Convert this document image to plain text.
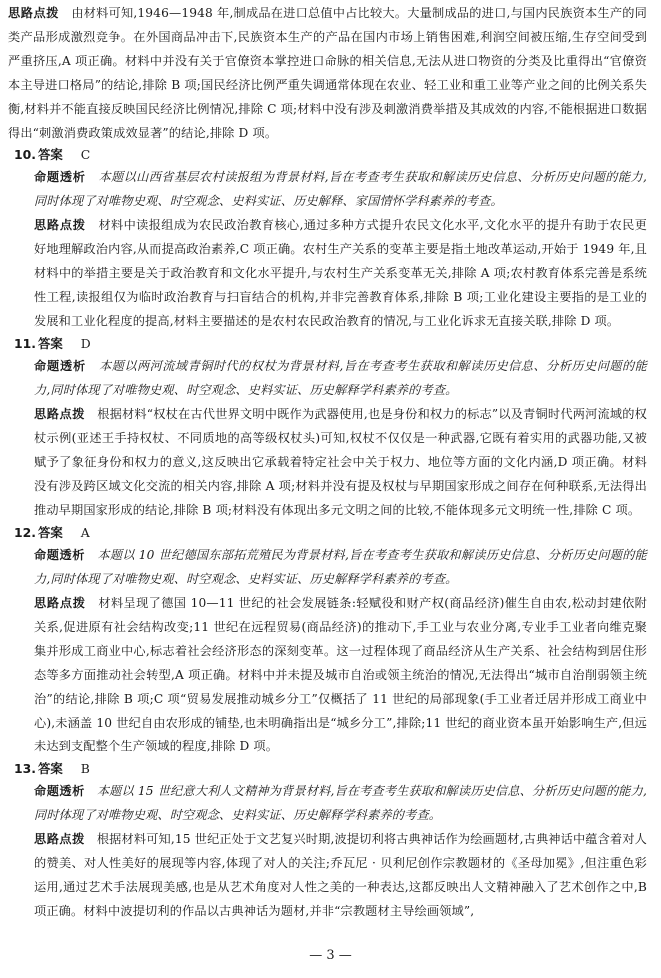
思路点拨 由材料可知,1946—1948 年,制成品在进口总值中占比较大。大量制成品的进口,与国内民族资本生产的同类产品形成激烈竞争。在外国商品冲击下,民族资本生产的产品在国内市场上销售困难,利润空间被压缩,生存空间受到严重挤压,A 项正确。材料中并没有关于官僚资本掌控进口命脉的相关信息,无法从进口物资的分类及比重得出“官僚资本主导进口格局”的结论,排除 B 项;国民经济比例严重失调通常体现在农业、轻工业和重工业等产业之间的比例关系失衡,材料并不能直接反映国民经济比例情况,排除 C 项;材料中没有涉及刺激消费举措及其成效的内容,不能根据进口数据得出“刺激消费政策成效显著”的结论,排除 D 项。

10. 答案 C

命题透析 本题以山西省基层农村读报组为背景材料,旨在考查考生获取和解读历史信息、分析历史问题的能力,同时体现了对唯物史观、时空观念、史料实证、历史解释、家国情怀学科素养的考查。

思路点拨 材料中读报组成为农民政治教育核心,通过多种方式提升农民文化水平,文化水平的提升有助于农民更好地理解政治内容,从而提高政治素养,C 项正确。农村生产关系的变革主要是指土地改革运动,开始于 1949 年,且材料中的举措主要是关于政治教育和文化水平提升,与农村生产关系变革无关,排除 A 项;农村教育体系完善是系统性工程,读报组仅为临时政治教育与扫盲结合的机构,并非完善教育体系,排除 B 项;工业化建设主要指的是工业的发展和工业化程度的提高,材料主要描述的是农村农民政治教育的情况,与工业化诉求无直接关联,排除 D 项。

11. 答案 D

命题透析 本题以两河流域青铜时代的权杖为背景材料,旨在考查考生获取和解读历史信息、分析历史问题的能力,同时体现了对唯物史观、时空观念、史料实证、历史解释学科素养的考查。

思路点拨 根据材料“权杖在古代世界文明中既作为武器使用,也是身份和权力的标志”以及青铜时代两河流域的权杖示例(亚述王手持权杖、不同质地的高等级权杖头)可知,权杖不仅仅是一种武器,它既有着实用的武器功能,又被赋予了象征身份和权力的意义,这反映出它承载着特定社会中关于权力、地位等方面的文化内涵,D 项正确。材料没有涉及跨区域文化交流的相关内容,排除 A 项;材料并没有提及权杖与早期国家形成之间存在何种联系,无法得出推动早期国家形成的结论,排除 B 项;材料没有体现出多元文明之间的比较,不能体现多元文明统一性,排除 C 项。

12. 答案 A

命题透析 本题以 10 世纪德国东部拓荒殖民为背景材料,旨在考查考生获取和解读历史信息、分析历史问题的能力,同时体现了对唯物史观、时空观念、史料实证、历史解释学科素养的考查。

思路点拨 材料呈现了德国 10—11 世纪的社会发展链条:轻赋役和财产权(商品经济)催生自由农,松动封建依附关系,促进原有社会结构改变;11 世纪在远程贸易(商品经济)的推动下,手工业与农业分离,专业手工业者向维克聚集并形成工商业中心,标志着社会经济形态的深刻变革。这一过程体现了商品经济从生产关系、社会结构到居住形态等多方面推动社会转型,A 项正确。材料中并未提及城市自治或领主统治的情况,无法得出“城市自治削弱领主统治”的结论,排除 B 项;C 项“贸易发展推动城乡分工”仅概括了 11 世纪的局部现象(手工业者迁居并形成工商业中心),未涵盖 10 世纪自由农形成的铺垫,也未明确指出是“城乡分工”,排除;11 世纪的商业资本虽开始影响生产,但远未达到支配整个生产领域的程度,排除 D 项。

13. 答案 B

命题透析 本题以 15 世纪意大利人文精神为背景材料,旨在考查考生获取和解读历史信息、分析历史问题的能力,同时体现了对唯物史观、时空观念、史料实证、历史解释学科素养的考查。

思路点拨 根据材料可知,15 世纪正处于文艺复兴时期,波提切利将古典神话作为绘画题材,古典神话中蕴含着对人的赞美、对人性美好的展现等内容,体现了对人的关注;乔瓦尼 · 贝利尼创作宗教题材的《圣母加冕》,但注重色彩运用,通过艺术手法展现美感,也是从艺术角度对人性之美的一种表达,这都反映出人文精神融入了艺术创作之中,B 项正确。材料中波提切利的作品以古典神话为题材,并非“宗教题材主导绘画领域”,

— 3 —
